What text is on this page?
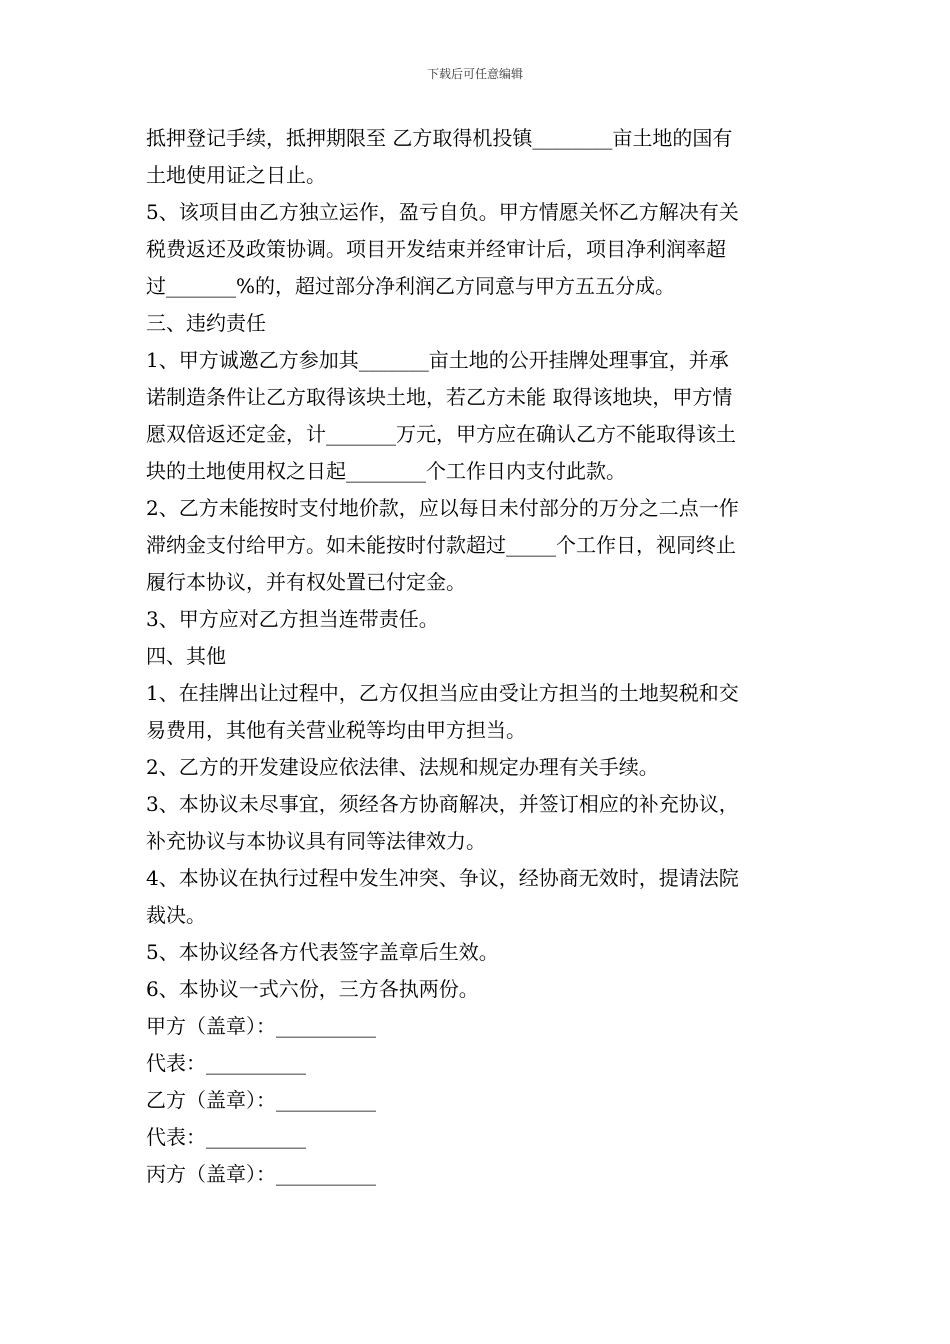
下载后可任意编辑
抵押登记手续，抵押期限至 乙方取得机投镇________亩土地的国有
土地使用证之日止。
5、该项目由乙方独立运作，盈亏自负。甲方情愿关怀乙方解决有关
税费返还及政策协调。项目开发结束并经审计后，项目净利润率超
过_______%的，超过部分净利润乙方同意与甲方五五分成。
三、违约责任
1、甲方诚邀乙方参加其_______亩土地的公开挂牌处理事宜，并承
诺制造条件让乙方取得该块土地，若乙方未能 取得该地块，甲方情
愿双倍返还定金，计_______万元，甲方应在确认乙方不能取得该土
块的土地使用权之日起________个工作日内支付此款。
2、乙方未能按时支付地价款，应以每日未付部分的万分之二点一作
滞纳金支付给甲方。如未能按时付款超过_____个工作日，视同终止
履行本协议，并有权处置已付定金。
3、甲方应对乙方担当连带责任。
四、其他
1、在挂牌出让过程中，乙方仅担当应由受让方担当的土地契税和交
易费用，其他有关营业税等均由甲方担当。
2、乙方的开发建设应依法律、法规和规定办理有关手续。
3、本协议未尽事宜，须经各方协商解决，并签订相应的补充协议，
补充协议与本协议具有同等法律效力。
4、本协议在执行过程中发生冲突、争议，经协商无效时，提请法院
裁决。
5、本协议经各方代表签字盖章后生效。
6、本协议一式六份，三方各执两份。
甲方（盖章）：__________
代表：__________
乙方（盖章）：__________
代表：__________
丙方（盖章）：__________
